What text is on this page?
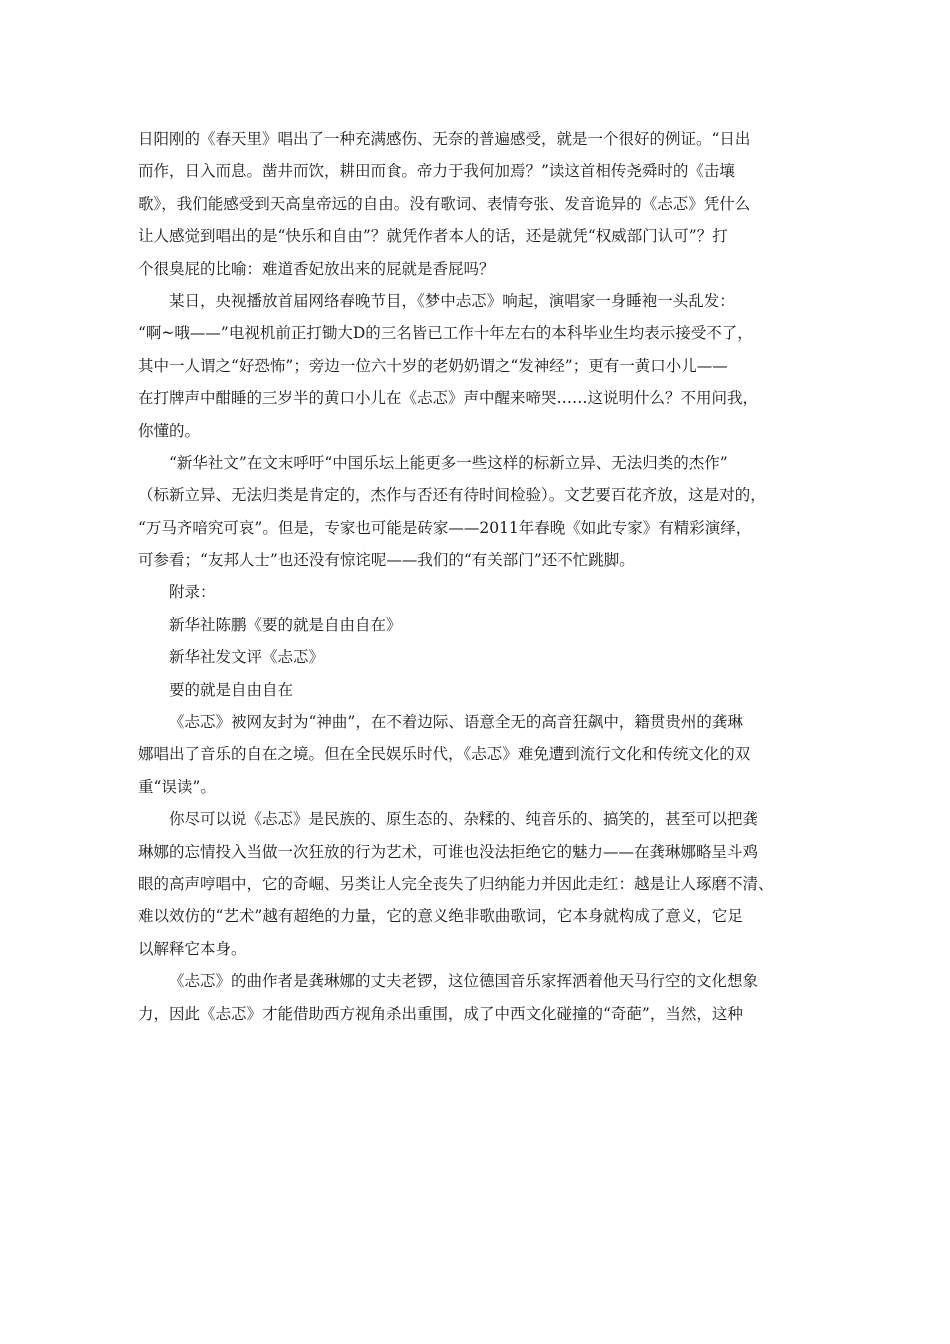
日阳刚的《春天里》唱出了一种充满感伤、无奈的普遍感受，就是一个很好的例证。“日出

而作，日入而息。凿井而饮，耕田而食。帝力于我何加焉？”读这首相传尧舜时的《击壤

歌》，我们能感受到天高皇帝远的自由。没有歌词、表情夸张、发音诡异的《忐忑》凭什么

让人感觉到唱出的是“快乐和自由”？就凭作者本人的话，还是就凭“权威部门认可”？打

个很臭屁的比喻：难道香妃放出来的屁就是香屁吗？

某日，央视播放首届网络春晚节目，《梦中忐忑》响起，演唱家一身睡袍一头乱发：

“啊~哦——”电视机前正打锄大D的三名皆已工作十年左右的本科毕业生均表示接受不了，

其中一人谓之“好恐怖”；旁边一位六十岁的老奶奶谓之“发神经”；更有一黄口小儿——

在打牌声中酣睡的三岁半的黄口小儿在《忐忑》声中醒来啼哭……这说明什么？不用问我，

你懂的。

“新华社文”在文末呼吁“中国乐坛上能更多一些这样的标新立异、无法归类的杰作”

（标新立异、无法归类是肯定的，杰作与否还有待时间检验）。文艺要百花齐放，这是对的，

“万马齐喑究可哀”。但是，专家也可能是砖家——2011年春晚《如此专家》有精彩演绎，

可参看；“友邦人士”也还没有惊诧呢——我们的“有关部门”还不忙跳脚。

附录：

新华社陈鹏《要的就是自由自在》

新华社发文评《忐忑》

要的就是自由自在

《忐忑》被网友封为“神曲”，在不着边际、语意全无的高音狂飙中，籍贯贵州的龚琳

娜唱出了音乐的自在之境。但在全民娱乐时代，《忐忑》难免遭到流行文化和传统文化的双

重“误读”。

你尽可以说《忐忑》是民族的、原生态的、杂糅的、纯音乐的、搞笑的，甚至可以把龚

琳娜的忘情投入当做一次狂放的行为艺术，可谁也没法拒绝它的魅力——在龚琳娜略呈斗鸡

眼的高声哼唱中，它的奇崛、另类让人完全丧失了归纳能力并因此走红：越是让人琢磨不清、

难以效仿的“艺术”越有超绝的力量，它的意义绝非歌曲歌词，它本身就构成了意义，它足

以解释它本身。

《忐忑》的曲作者是龚琳娜的丈夫老锣，这位德国音乐家挥洒着他天马行空的文化想象

力，因此《忐忑》才能借助西方视角杀出重围，成了中西文化碰撞的“奇葩”，当然，这种
